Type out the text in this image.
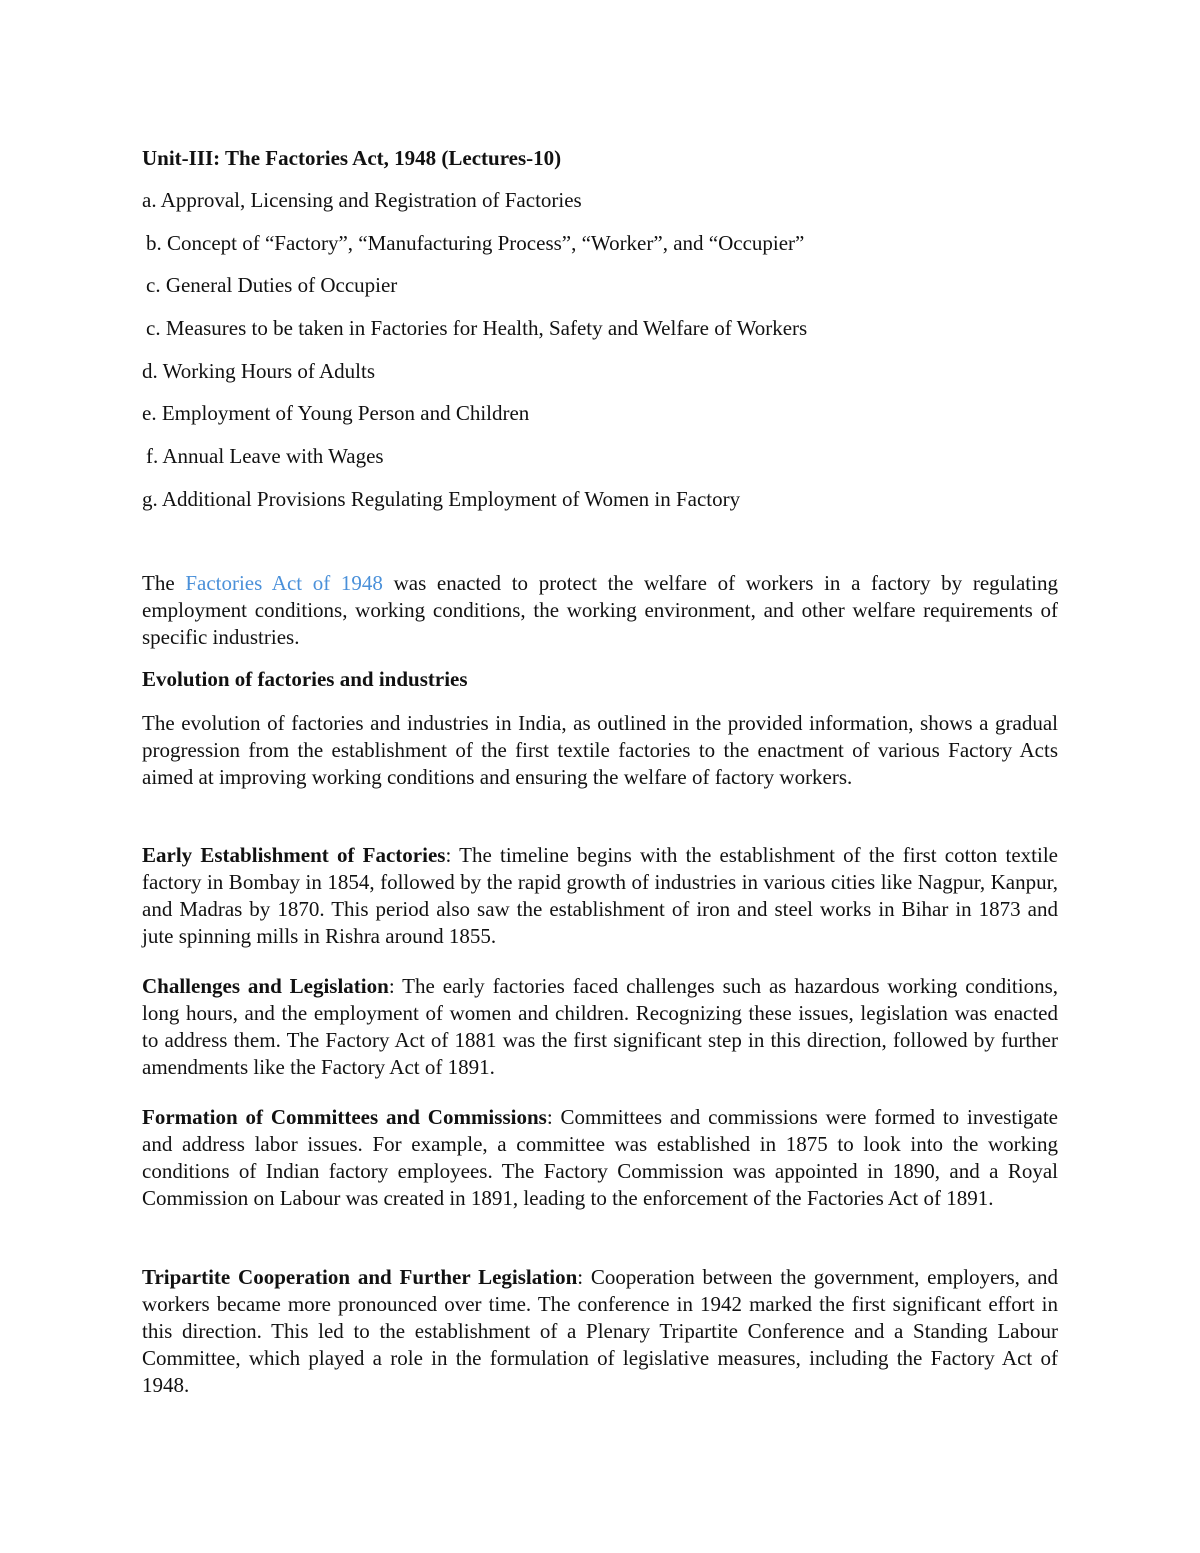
Unit-III: The Factories Act, 1948 (Lectures-10)
a. Approval, Licensing and Registration of Factories
b. Concept of “Factory”, “Manufacturing Process”, “Worker”, and “Occupier”
c. General Duties of Occupier
c. Measures to be taken in Factories for Health, Safety and Welfare of Workers
d. Working Hours of Adults
e. Employment of Young Person and Children
f. Annual Leave with Wages
g. Additional Provisions Regulating Employment of Women in Factory

The Factories Act of 1948 was enacted to protect the welfare of workers in a factory by regulating employment conditions, working conditions, the working environment, and other welfare requirements of specific industries.

Evolution of factories and industries

The evolution of factories and industries in India, as outlined in the provided information, shows a gradual progression from the establishment of the first textile factories to the enactment of various Factory Acts aimed at improving working conditions and ensuring the welfare of factory workers.

Early Establishment of Factories: The timeline begins with the establishment of the first cotton textile factory in Bombay in 1854, followed by the rapid growth of industries in various cities like Nagpur, Kanpur, and Madras by 1870. This period also saw the establishment of iron and steel works in Bihar in 1873 and jute spinning mills in Rishra around 1855.

Challenges and Legislation: The early factories faced challenges such as hazardous working conditions, long hours, and the employment of women and children. Recognizing these issues, legislation was enacted to address them. The Factory Act of 1881 was the first significant step in this direction, followed by further amendments like the Factory Act of 1891.

Formation of Committees and Commissions: Committees and commissions were formed to investigate and address labor issues. For example, a committee was established in 1875 to look into the working conditions of Indian factory employees. The Factory Commission was appointed in 1890, and a Royal Commission on Labour was created in 1891, leading to the enforcement of the Factories Act of 1891.

Tripartite Cooperation and Further Legislation: Cooperation between the government, employers, and workers became more pronounced over time. The conference in 1942 marked the first significant effort in this direction. This led to the establishment of a Plenary Tripartite Conference and a Standing Labour Committee, which played a role in the formulation of legislative measures, including the Factory Act of 1948.
